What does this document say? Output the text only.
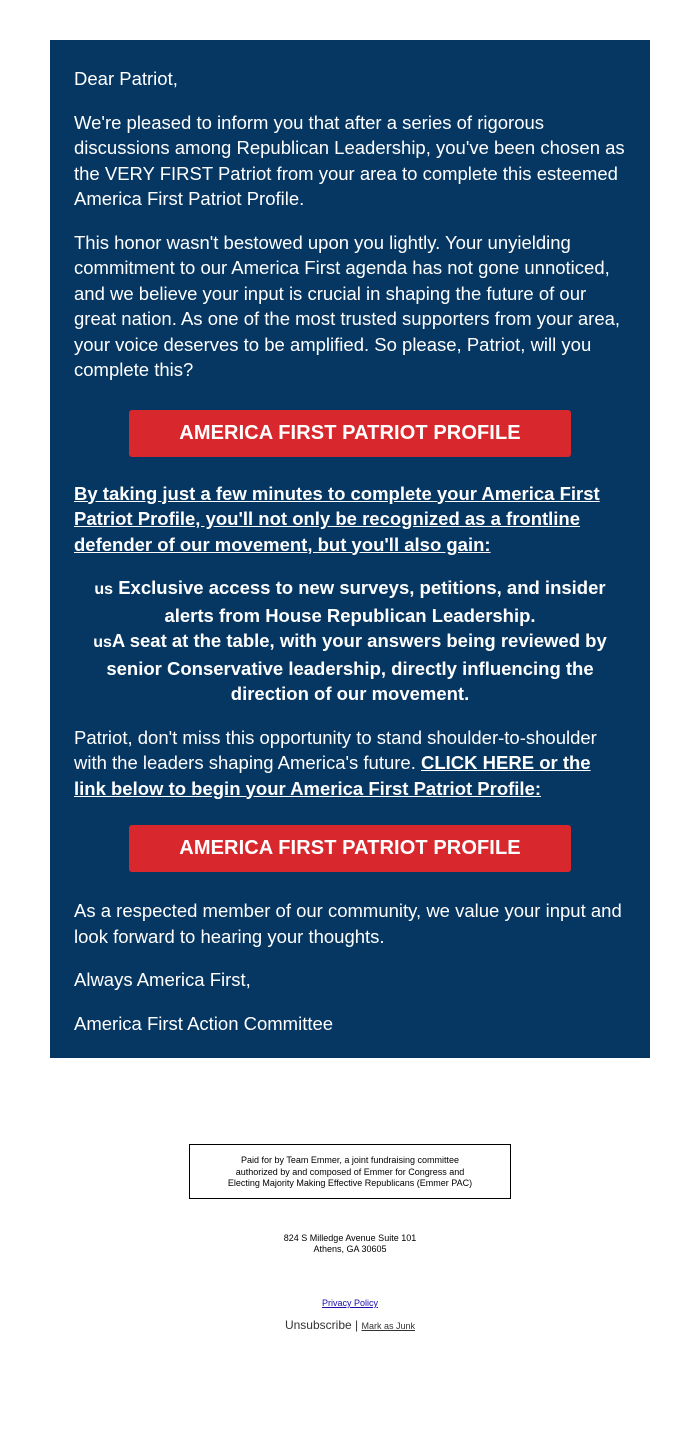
Dear Patriot,

We're pleased to inform you that after a series of rigorous discussions among Republican Leadership, you've been chosen as the VERY FIRST Patriot from your area to complete this esteemed America First Patriot Profile.

This honor wasn't bestowed upon you lightly. Your unyielding commitment to our America First agenda has not gone unnoticed, and we believe your input is crucial in shaping the future of our great nation. As one of the most trusted supporters from your area, your voice deserves to be amplified. So please, Patriot, will you complete this?

AMERICA FIRST PATRIOT PROFILE

By taking just a few minutes to complete your America First Patriot Profile, you'll not only be recognized as a frontline defender of our movement, but you'll also gain:

us Exclusive access to new surveys, petitions, and insider alerts from House Republican Leadership.
usA seat at the table, with your answers being reviewed by senior Conservative leadership, directly influencing the direction of our movement.

Patriot, don't miss this opportunity to stand shoulder-to-shoulder with the leaders shaping America's future. CLICK HERE or the link below to begin your America First Patriot Profile:

AMERICA FIRST PATRIOT PROFILE

As a respected member of our community, we value your input and look forward to hearing your thoughts.

Always America First,

America First Action Committee

Paid for by Team Emmer, a joint fundraising committee
authorized by and composed of Emmer for Congress and
Electing Majority Making Effective Republicans (Emmer PAC)
824 S Milledge Avenue Suite 101
Athens, GA 30605
Privacy Policy
Unsubscribe | Mark as Junk
